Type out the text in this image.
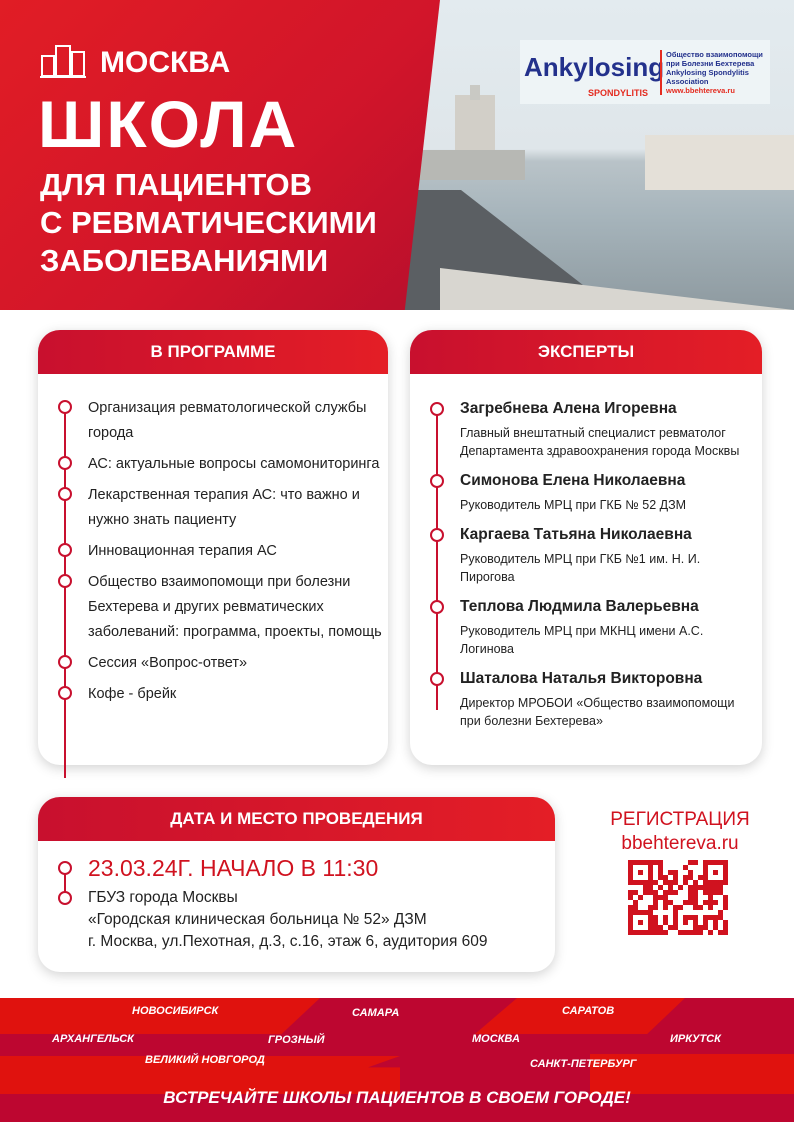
МОСКВА
ШКОЛА
ДЛЯ ПАЦИЕНТОВ
С РЕВМАТИЧЕСКИМИ
ЗАБОЛЕВАНИЯМИ
Ankylosing
SPONDYLITIS
Общество взаимопомощи
при Болезни Бехтерева
Ankylosing Spondylitis
Association
www.bbehtereva.ru
В ПРОГРАММЕ
Организация ревматологической службы города
АС: актуальные вопросы самомониторинга
Лекарственная терапия АС: что важно и нужно знать пациенту
Инновационная терапия АС
Общество взаимопомощи при болезни Бехтерева и других ревматических заболеваний: программа, проекты, помощь
Сессия «Вопрос-ответ»
Кофе - брейк
ЭКСПЕРТЫ
Загребнева Алена Игоревна
Главный внештатный специалист ревматолог Департамента здравоохранения города Москвы
Симонова Елена Николаевна
Руководитель МРЦ при ГКБ № 52 ДЗМ
Каргаева Татьяна Николаевна
Руководитель МРЦ при ГКБ №1 им. Н. И. Пирогова
Теплова Людмила Валерьевна
Руководитель МРЦ при МКНЦ имени А.С. Логинова
Шаталова Наталья Викторовна
Директор МРОБОИ «Общество взаимопомощи при болезни Бехтерева»
ДАТА И МЕСТО ПРОВЕДЕНИЯ
23.03.24Г. НАЧАЛО В 11:30
ГБУЗ города Москвы
«Городская клиническая больница № 52» ДЗМ
г. Москва, ул.Пехотная, д.3, с.16, этаж 6, аудитория 609
РЕГИСТРАЦИЯ
bbehtereva.ru
НОВОСИБИРСК	САМАРА	САРАТОВ
АРХАНГЕЛЬСК	ГРОЗНЫЙ	МОСКВА	ИРКУТСК
ВЕЛИКИЙ НОВГОРОД	САНКТ-ПЕТЕРБУРГ
ВСТРЕЧАЙТЕ ШКОЛЫ ПАЦИЕНТОВ В СВОЕМ ГОРОДЕ!
